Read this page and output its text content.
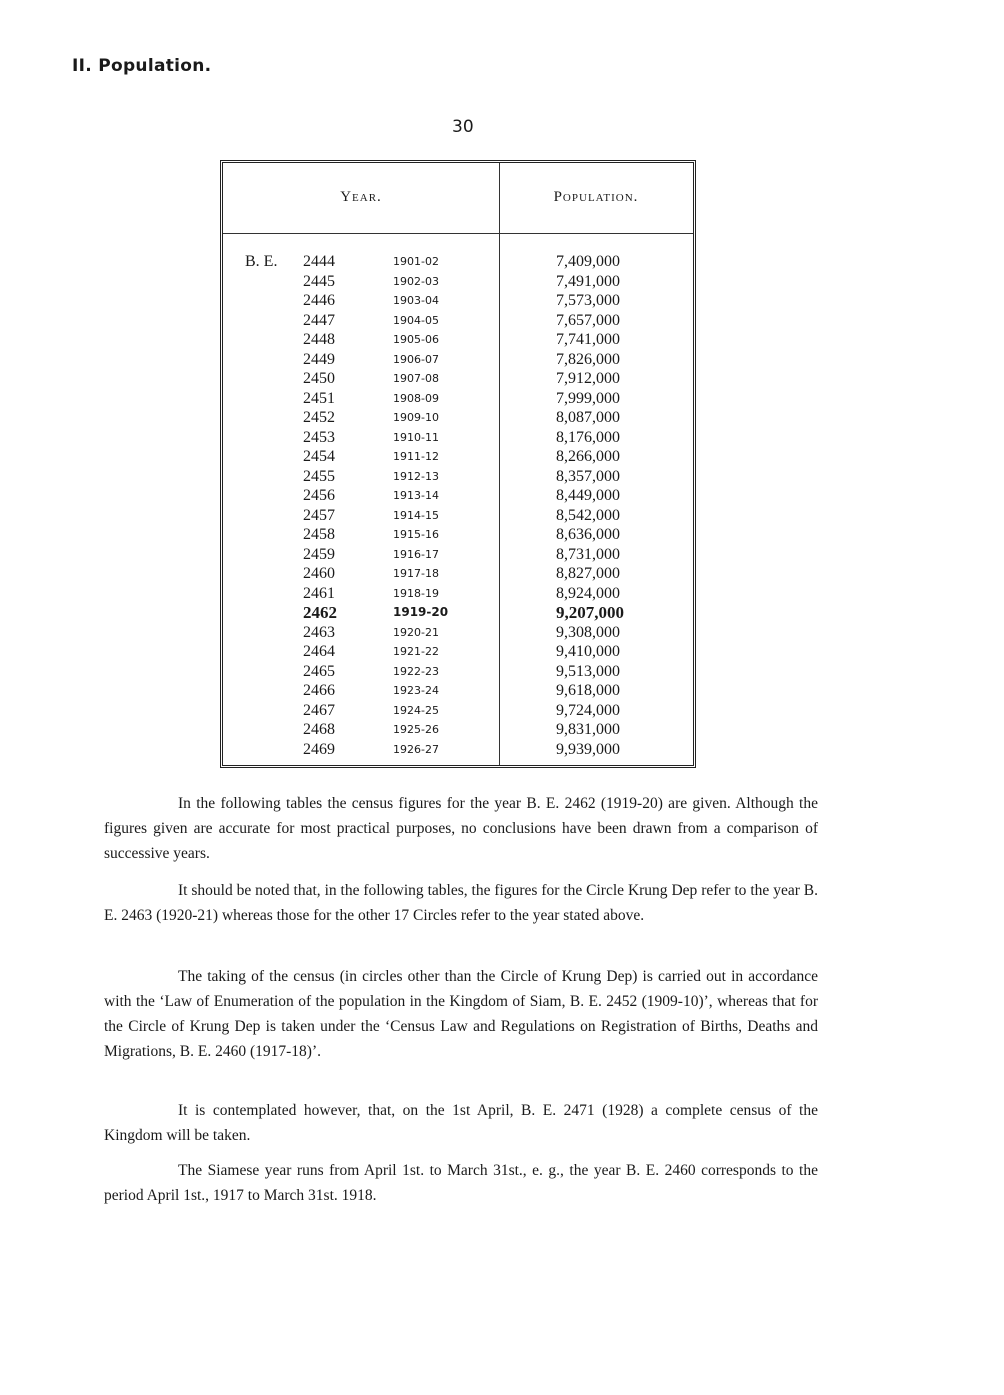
II. Population.
30
Year.	Population.
B. E. 2444	1901-02	7,409,000
2445	1902-03	7,491,000
2446	1903-04	7,573,000
2447	1904-05	7,657,000
2448	1905-06	7,741,000
2449	1906-07	7,826,000
2450	1907-08	7,912,000
2451	1908-09	7,999,000
2452	1909-10	8,087,000
2453	1910-11	8,176,000
2454	1911-12	8,266,000
2455	1912-13	8,357,000
2456	1913-14	8,449,000
2457	1914-15	8,542,000
2458	1915-16	8,636,000
2459	1916-17	8,731,000
2460	1917-18	8,827,000
2461	1918-19	8,924,000
2462	1919-20	9,207,000
2463	1920-21	9,308,000
2464	1921-22	9,410,000
2465	1922-23	9,513,000
2466	1923-24	9,618,000
2467	1924-25	9,724,000
2468	1925-26	9,831,000
2469	1926-27	9,939,000

In the following tables the census figures for the year B. E. 2462 (1919-20) are given. Although the figures given are accurate for most practical purposes, no conclusions have been drawn from a comparison of successive years.

It should be noted that, in the following tables, the figures for the Circle Krung Dep refer to the year B. E. 2463 (1920-21) whereas those for the other 17 Circles refer to the year stated above.

The taking of the census (in circles other than the Circle of Krung Dep) is carried out in accordance with the ‘Law of Enumeration of the population in the Kingdom of Siam, B. E. 2452 (1909-10)’, whereas that for the Circle of Krung Dep is taken under the ‘Census Law and Regulations on Registration of Births, Deaths and Migrations, B. E. 2460 (1917-18)’.

It is contemplated however, that, on the 1st April, B. E. 2471 (1928) a complete census of the Kingdom will be taken.

The Siamese year runs from April 1st. to March 31st., e. g., the year B. E. 2460 corresponds to the period April 1st., 1917 to March 31st. 1918.
